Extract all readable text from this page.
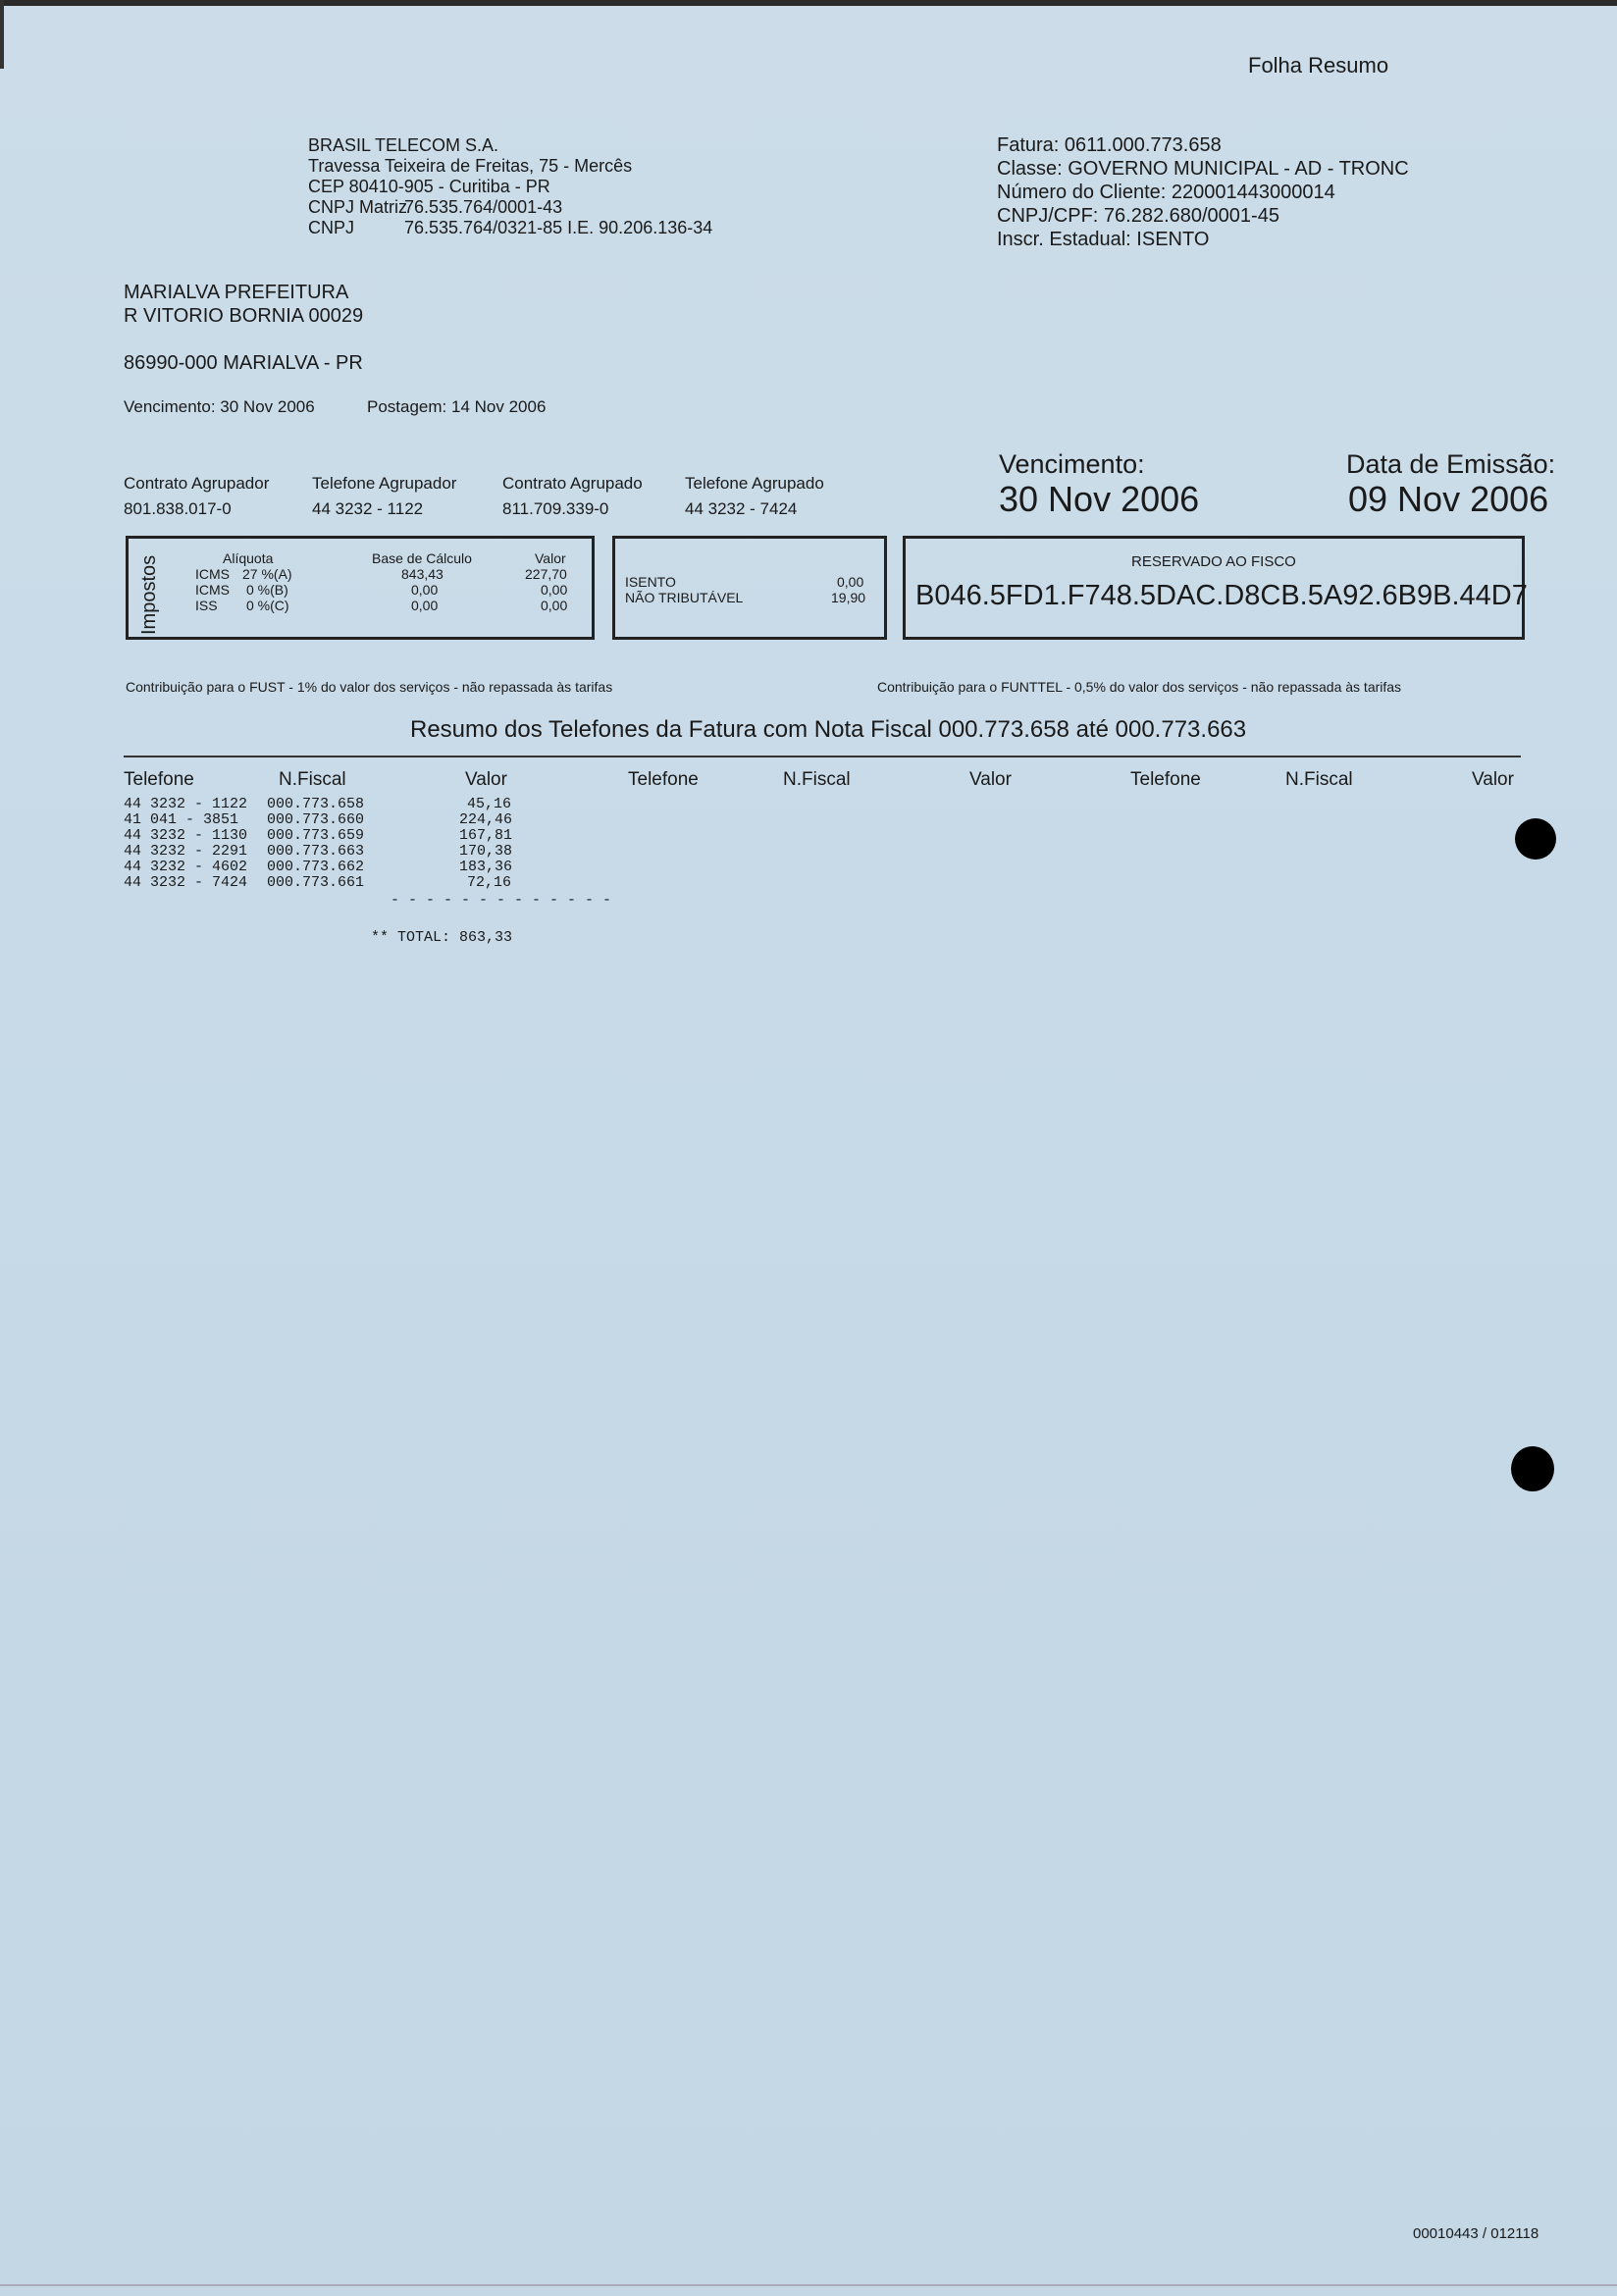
Folha Resumo
BRASIL TELECOM S.A.
Travessa Teixeira de Freitas, 75 - Mercês
CEP 80410-905 - Curitiba - PR
CNPJ Matriz
76.535.764/0001-43
CNPJ	76.535.764/0321-85 I.E. 90.206.136-34
Fatura: 0611.000.773.658
Classe: GOVERNO MUNICIPAL - AD - TRONC
Número do Cliente: 220001443000014
CNPJ/CPF: 76.282.680/0001-45
Inscr. Estadual: ISENTO
MARIALVA PREFEITURA
R VITORIO BORNIA 00029
86990-000 MARIALVA - PR
Vencimento: 30 Nov 2006	Postagem: 14 Nov 2006
Contrato Agrupador
801.838.017-0
Telefone Agrupador
44 3232 - 1122
Contrato Agrupado
811.709.339-0
Telefone Agrupado
44 3232 - 7424
Vencimento:
30 Nov 2006
Data de Emissão:
09 Nov 2006
Impostos	Alíquota	Base de Cálculo	Valor
ICMS 27 %(A)	843,43	227,70
ICMS 0 %(B)	0,00	0,00
ISS 0 %(C)	0,00	0,00
ISENTO	0,00
NÃO TRIBUTÁVEL	19,90
RESERVADO AO FISCO
B046.5FD1.F748.5DAC.D8CB.5A92.6B9B.44D7
Contribuição para o FUST - 1% do valor dos serviços - não repassada às tarifas	Contribuição para o FUNTTEL - 0,5% do valor dos serviços - não repassada às tarifas
Resumo dos Telefones da Fatura com Nota Fiscal 000.773.658 até 000.773.663
Telefone	N.Fiscal	Valor	Telefone	N.Fiscal	Valor	Telefone	N.Fiscal	Valor
44 3232 - 1122 000.773.658	45,16
41 041 - 3851 000.773.660	224,46
44 3232 - 1130 000.773.659	167,81
44 3232 - 2291 000.773.663	170,38
44 3232 - 4602 000.773.662	183,36
44 3232 - 7424 000.773.661	72,16
- - - - - - - - - - - - -
** TOTAL: 863,33
00010443 / 012118
